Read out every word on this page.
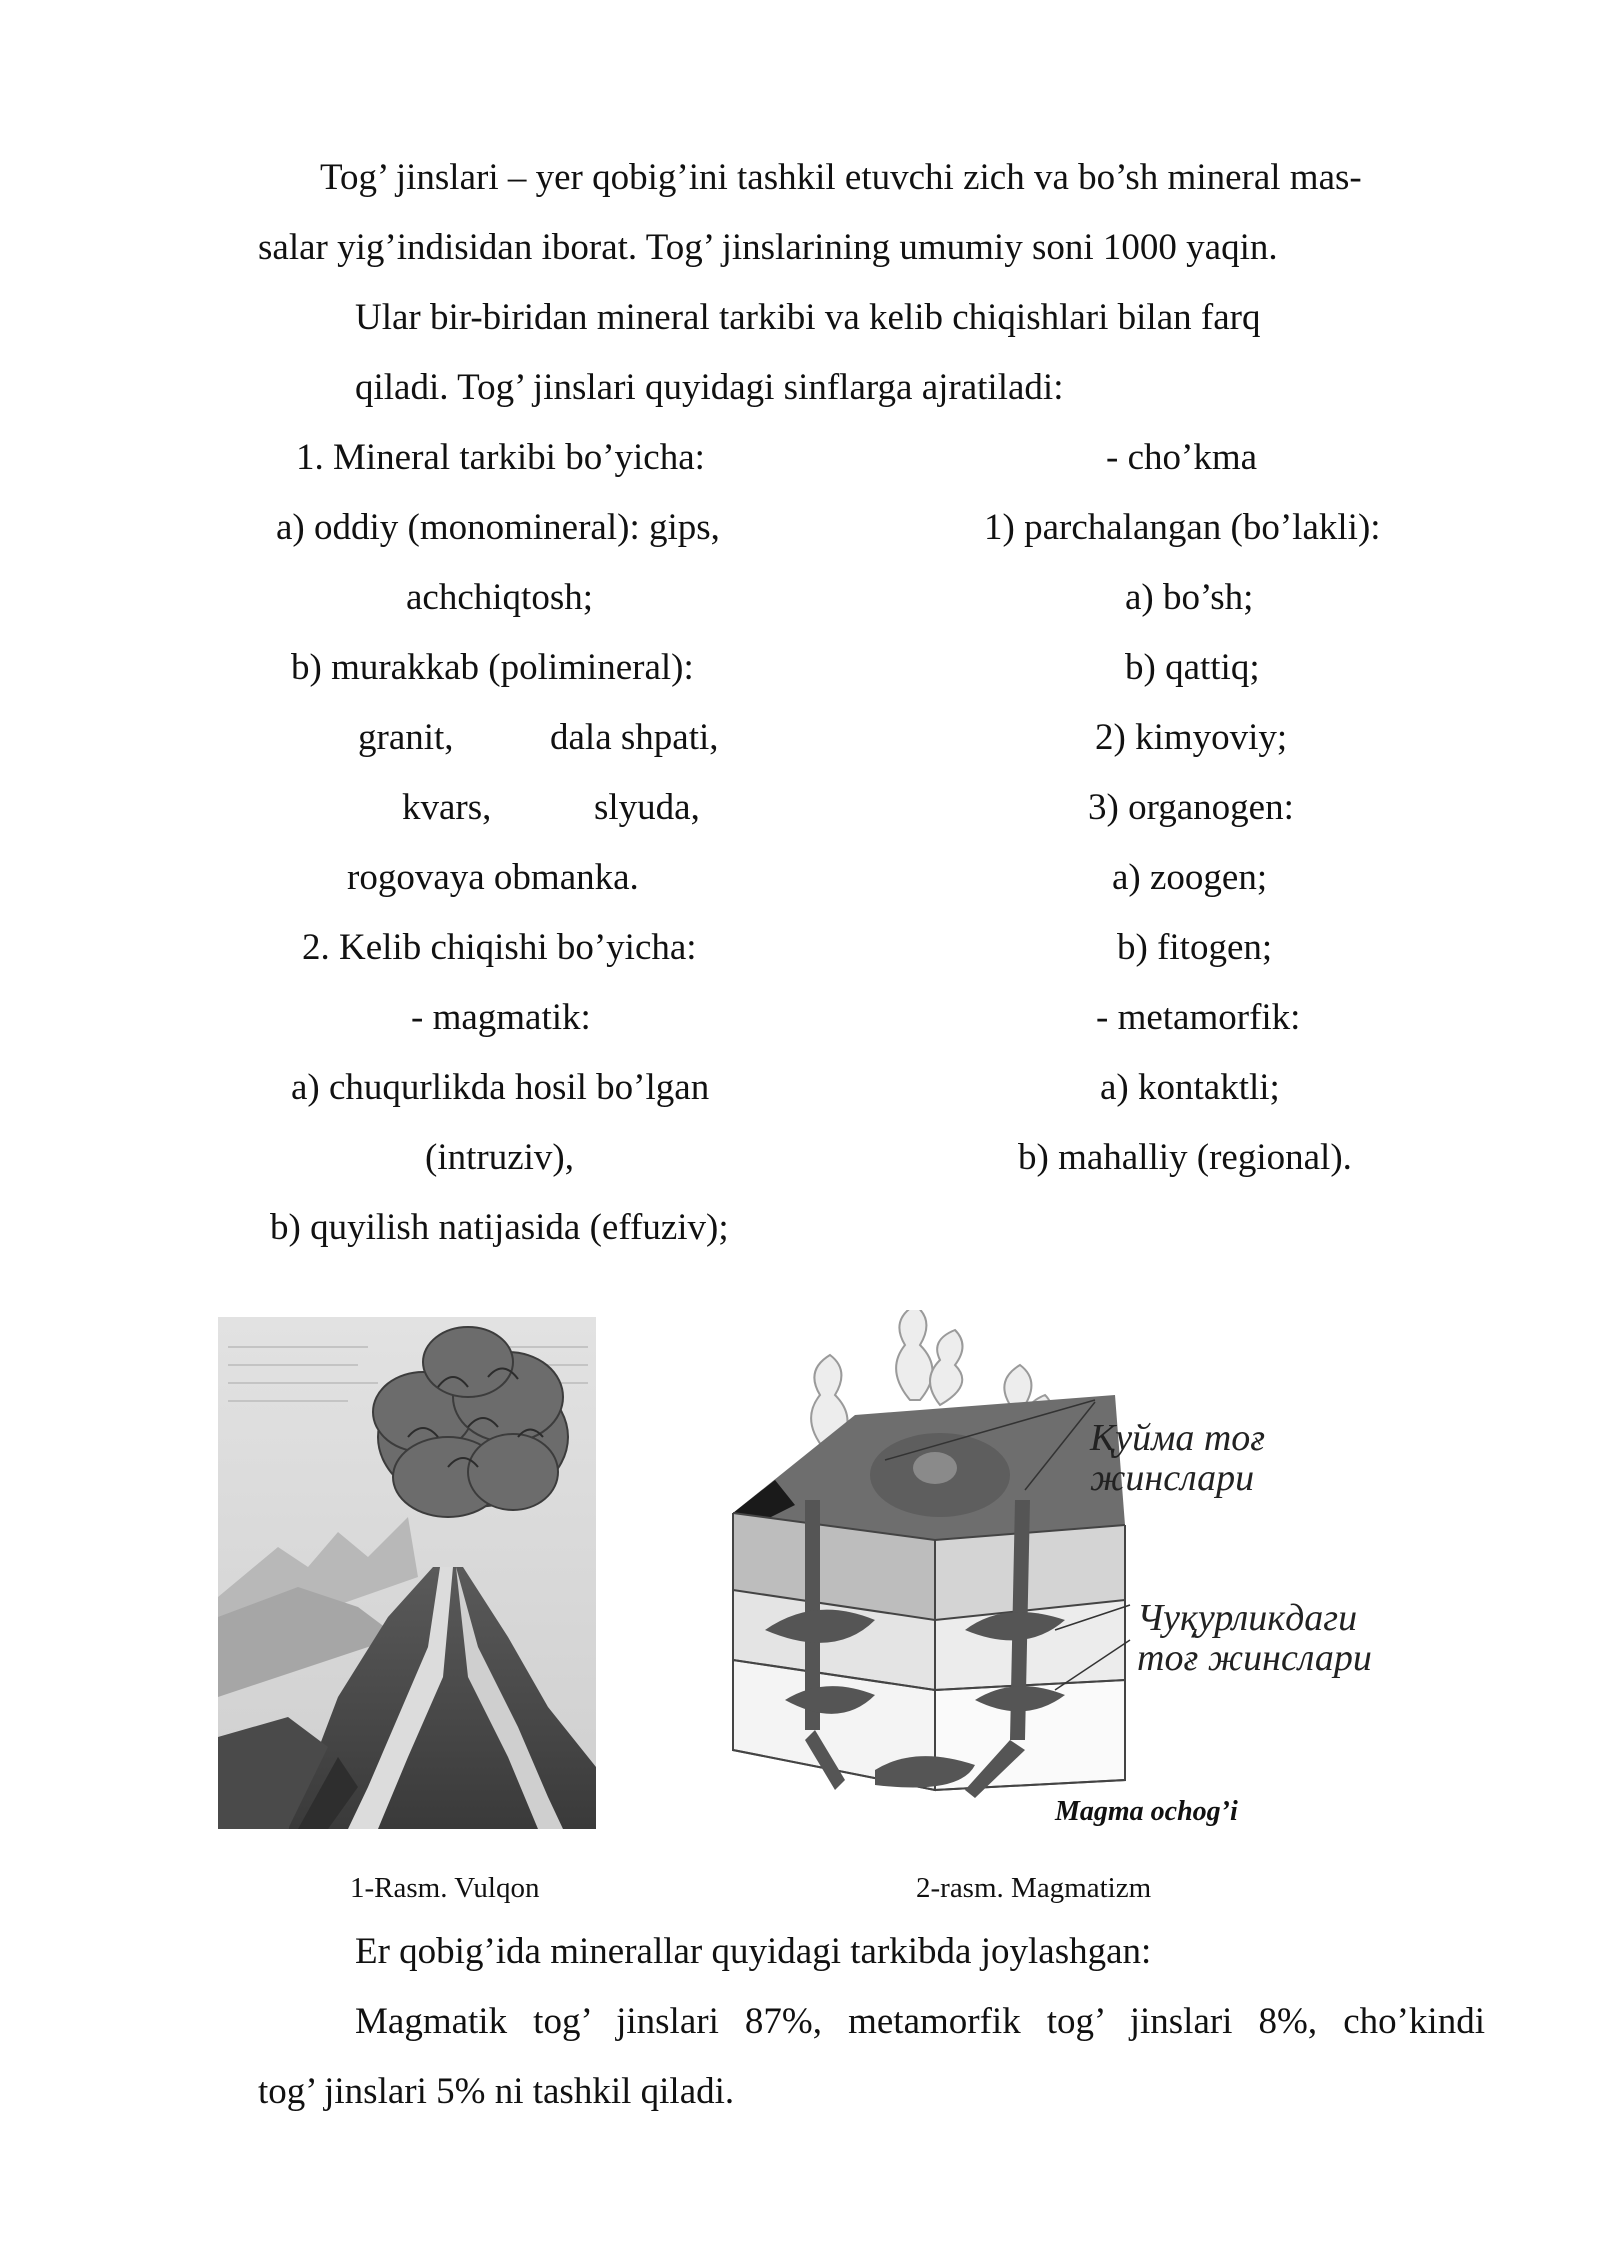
Tog’ jinslari – yer qobig’ini tashkil etuvchi zich va bo’sh mineral mas-
salar yig’indisidan iborat. Tog’ jinslarining umumiy soni 1000 yaqin.
Ular bir-biridan mineral tarkibi va kelib chiqishlari bilan farq
qiladi. Tog’ jinslari quyidagi sinflarga ajratiladi:
1. Mineral tarkibi bo’yicha:
a) oddiy (monomineral): gips,
achchiqtosh;
b) murakkab (polimineral):
granit,	dala shpati,
kvars,	slyuda,
rogovaya obmanka.
2. Kelib chiqishi bo’yicha:
- magmatik:
a) chuqurlikda hosil bo’lgan
(intruziv),
b) quyilish natijasida (effuziv);
- cho’kma
1) parchalangan (bo’lakli):
a) bo’sh;
b) qattiq;
2) kimyoviy;
3) organogen:
a) zoogen;
b) fitogen;
- metamorfik:
a) kontaktli;
b) mahalliy (regional).
Қуйма тоғ
жинслари
Чуқурликдаги
тоғ жинслари
Magma ochog’i
1-Rasm. Vulqon	2-rasm. Magmatizm
Er qobig’ida minerallar quyidagi tarkibda joylashgan:
Magmatik tog’ jinslari 87%, metamorfik tog’ jinslari 8%, cho’kindi
tog’ jinslari 5% ni tashkil qiladi.
